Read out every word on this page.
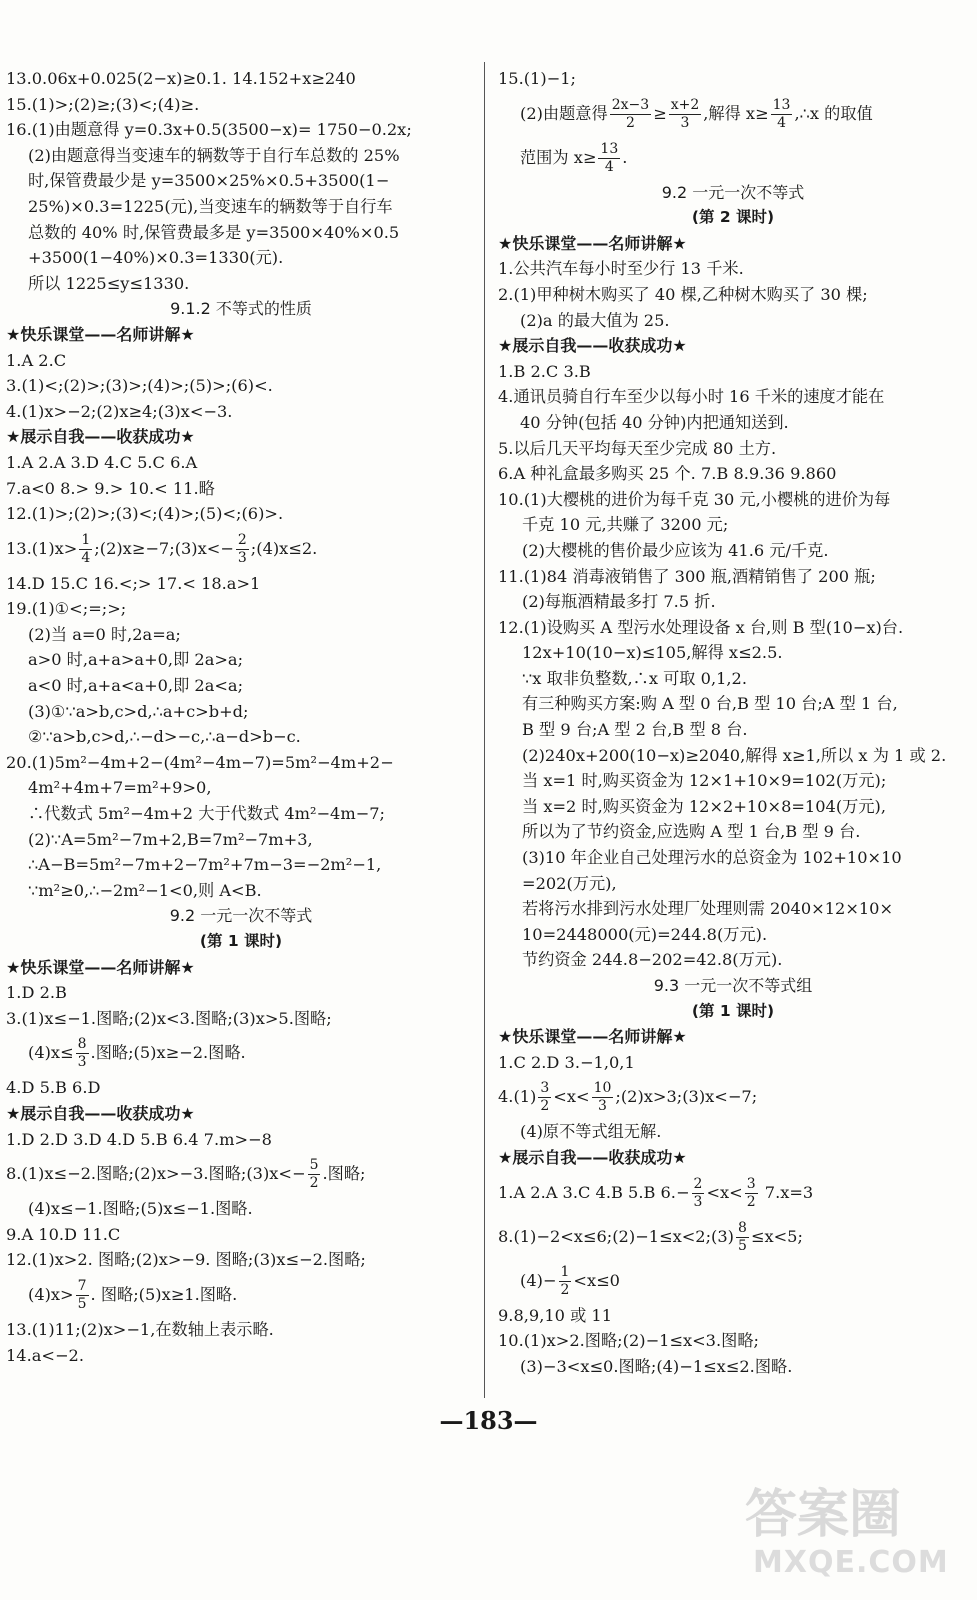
13.0.06x+0.025(2−x)≥0.1. 14.152+x≥240
15.(1)>;(2)≥;(3)<;(4)≥.
16.(1)由题意得 y=0.3x+0.5(3500−x)= 1750−0.2x;
(2)由题意得当变速车的辆数等于自行车总数的 25%
时,保管费最少是 y=3500×25%×0.5+3500(1−
25%)×0.3=1225(元),当变速车的辆数等于自行车
总数的 40% 时,保管费最多是 y=3500×40%×0.5
+3500(1−40%)×0.3=1330(元).
所以 1225≤y≤1330.
9.1.2 不等式的性质
★快乐课堂——名师讲解★
1.A 2.C
3.(1)<;(2)>;(3)>;(4)>;(5)>;(6)<.
4.(1)x>−2;(2)x≥4;(3)x<−3.
★展示自我——收获成功★
1.A 2.A 3.D 4.C 5.C 6.A
7.a<0 8.> 9.> 10.< 11.略
12.(1)>;(2)>;(3)<;(4)>;(5)<;(6)>.
$13.(1)x> \frac{1}{4}$ ;(2)x≥−7;(3)x<− $\frac{2}{3}$ ;(4)x≤2.
14.D 15.C 16.<;> 17.< 18.a>1
19.(1)①<;=;>;
(2)当 a=0 时,2a=a;
a>0 时,a+a>a+0,即 2a>a;
a<0 时,a+a<a+0,即 2a<a;
(3)①∵a>b,c>d,∴a+c>b+d;
②∵a>b,c>d,∴−d>−c,∴a−d>b−c.
20.(1)5m²−4m+2−(4m²−4m−7)=5m²−4m+2−
4m²+4m+7=m²+9>0,
∴代数式 5m²−4m+2 大于代数式 4m²−4m−7;
(2)∵A=5m²−7m+2,B=7m²−7m+3,
∴A−B=5m²−7m+2−7m²+7m−3=−2m²−1,
∵m²≥0,∴−2m²−1<0,则 A<B.
9.2 一元一次不等式
(第 1 课时)
★快乐课堂——名师讲解★
1.D 2.B
3.(1)x≤−1.图略;(2)x<3.图略;(3)x>5.图略;
$(4)x\le \frac{8}{3}$ .图略;(5)x≥−2.图略.
4.D 5.B 6.D
★展示自我——收获成功★
1.D 2.D 3.D 4.D 5.B 6.4 7.m>−8
8.(1)x≤−2.图略;(2)x>−3.图略;(3)x<− $\frac{5}{2}$ .图略;
(4)x≤−1.图略;(5)x≤−1.图略.
9.A 10.D 11.C
12.(1)x>2. 图略;(2)x>−9. 图略;(3)x≤−2.图略;
$(4)x> \frac{7}{5}$ . 图略;(5)x≥1.图略.
13.(1)11;(2)x>−1,在数轴上表示略.
14.a<−2.
15.(1)−1;
(2)由题意得 $\frac{2x-3}{2} \ge \frac{x+2}{3}$ ,解得 $x\ge \frac{13}{4}$ ,∴x 的取值
范围为 $x\ge \frac{13}{4}$ .
9.2 一元一次不等式
(第 2 课时)
★快乐课堂——名师讲解★
1.公共汽车每小时至少行 13 千米.
2.(1)甲种树木购买了 40 棵,乙种树木购买了 30 棵;
(2)a 的最大值为 25.
★展示自我——收获成功★
1.B 2.C 3.B
4.通讯员骑自行车至少以每小时 16 千米的速度才能在
40 分钟(包括 40 分钟)内把通知送到.
5.以后几天平均每天至少完成 80 土方.
6.A 种礼盒最多购买 25 个. 7.B 8.9.36 9.860
10.(1)大樱桃的进价为每千克 30 元,小樱桃的进价为每
千克 10 元,共赚了 3200 元;
(2)大樱桃的售价最少应该为 41.6 元/千克.
11.(1)84 消毒液销售了 300 瓶,酒精销售了 200 瓶;
(2)每瓶酒精最多打 7.5 折.
12.(1)设购买 A 型污水处理设备 x 台,则 B 型(10−x)台.
12x+10(10−x)≤105,解得 x≤2.5.
∵x 取非负整数,∴x 可取 0,1,2.
有三种购买方案:购 A 型 0 台,B 型 10 台;A 型 1 台,
B 型 9 台;A 型 2 台,B 型 8 台.
(2)240x+200(10−x)≥2040,解得 x≥1,所以 x 为 1 或 2.
当 x=1 时,购买资金为 12×1+10×9=102(万元);
当 x=2 时,购买资金为 12×2+10×8=104(万元),
所以为了节约资金,应选购 A 型 1 台,B 型 9 台.
(3)10 年企业自己处理污水的总资金为 102+10×10
=202(万元),
若将污水排到污水处理厂处理则需 2040×12×10×
10=2448000(元)=244.8(万元).
节约资金 244.8−202=42.8(万元).
9.3 一元一次不等式组
(第 1 课时)
★快乐课堂——名师讲解★
1.C 2.D 3.−1,0,1
$4.(1) \frac{3}{2} <x< \frac{10}{3}$ ;(2)x>3;(3)x<−7;
(4)原不等式组无解.
★展示自我——收获成功★
1.A 2.A 3.C 4.B 5.B $6.- \frac{2}{3} <x< \frac{3}{2} 7.x=3$
8.(1)−2<x≤6;(2)−1≤x<2;(3) $\frac{8}{5} \le x<5$;
$(4)- \frac{1}{2} <x\le 0$
9.8,9,10 或 11
10.(1)x>2.图略;(2)−1≤x<3.图略;
(3)−3<x≤0.图略;(4)−1≤x≤2.图略.
—183—
答案圈
MXQE.COM
